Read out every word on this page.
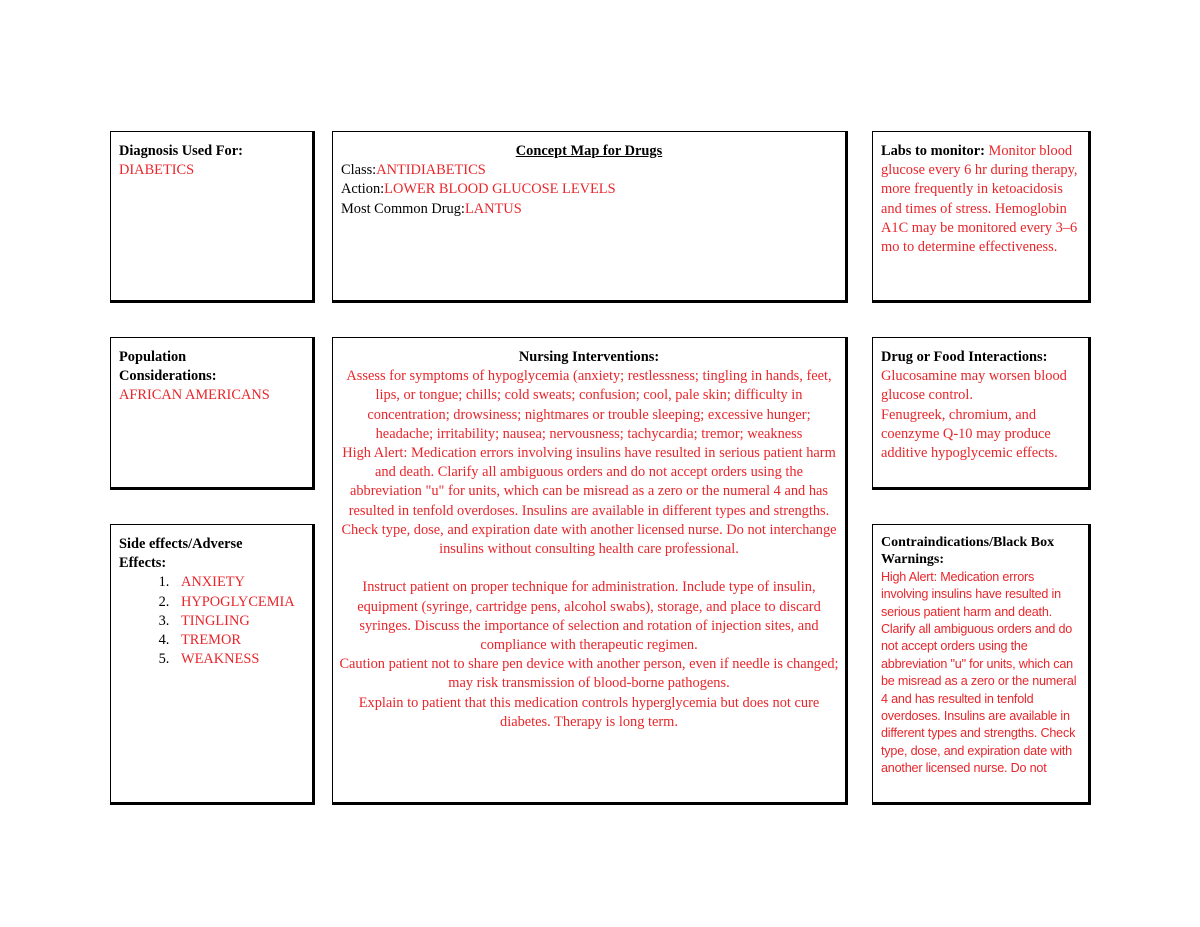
Diagnosis Used For:
DIABETICS
Concept Map for Drugs
Class:ANTIDIABETICS
Action:LOWER BLOOD GLUCOSE LEVELS
Most Common Drug:LANTUS
Labs to monitor: Monitor blood glucose every 6 hr during therapy, more frequently in ketoacidosis and times of stress. Hemoglobin A1C may be monitored every 3–6 mo to determine effectiveness.
Population Considerations:
AFRICAN AMERICANS
Nursing Interventions:
Assess for symptoms of hypoglycemia (anxiety; restlessness; tingling in hands, feet, lips, or tongue; chills; cold sweats; confusion; cool, pale skin; difficulty in concentration; drowsiness; nightmares or trouble sleeping; excessive hunger; headache; irritability; nausea; nervousness; tachycardia; tremor; weakness
High Alert: Medication errors involving insulins have resulted in serious patient harm and death. Clarify all ambiguous orders and do not accept orders using the abbreviation "u" for units, which can be misread as a zero or the numeral 4 and has resulted in tenfold overdoses. Insulins are available in different types and strengths. Check type, dose, and expiration date with another licensed nurse. Do not interchange insulins without consulting health care professional.
Instruct patient on proper technique for administration. Include type of insulin, equipment (syringe, cartridge pens, alcohol swabs), storage, and place to discard syringes. Discuss the importance of selection and rotation of injection sites, and compliance with therapeutic regimen.
Caution patient not to share pen device with another person, even if needle is changed; may risk transmission of blood-borne pathogens.
Explain to patient that this medication controls hyperglycemia but does not cure diabetes. Therapy is long term.
Drug or Food Interactions:
Glucosamine may worsen blood glucose control.
Fenugreek, chromium, and coenzyme Q-10 may produce additive hypoglycemic effects.
Side effects/Adverse Effects:
1. ANXIETY
2. HYPOGLYCEMIA
3. TINGLING
4. TREMOR
5. WEAKNESS
Contraindications/Black Box Warnings:
High Alert: Medication errors involving insulins have resulted in serious patient harm and death. Clarify all ambiguous orders and do not accept orders using the abbreviation "u" for units, which can be misread as a zero or the numeral 4 and has resulted in tenfold overdoses. Insulins are available in different types and strengths. Check type, dose, and expiration date with another licensed nurse. Do not
